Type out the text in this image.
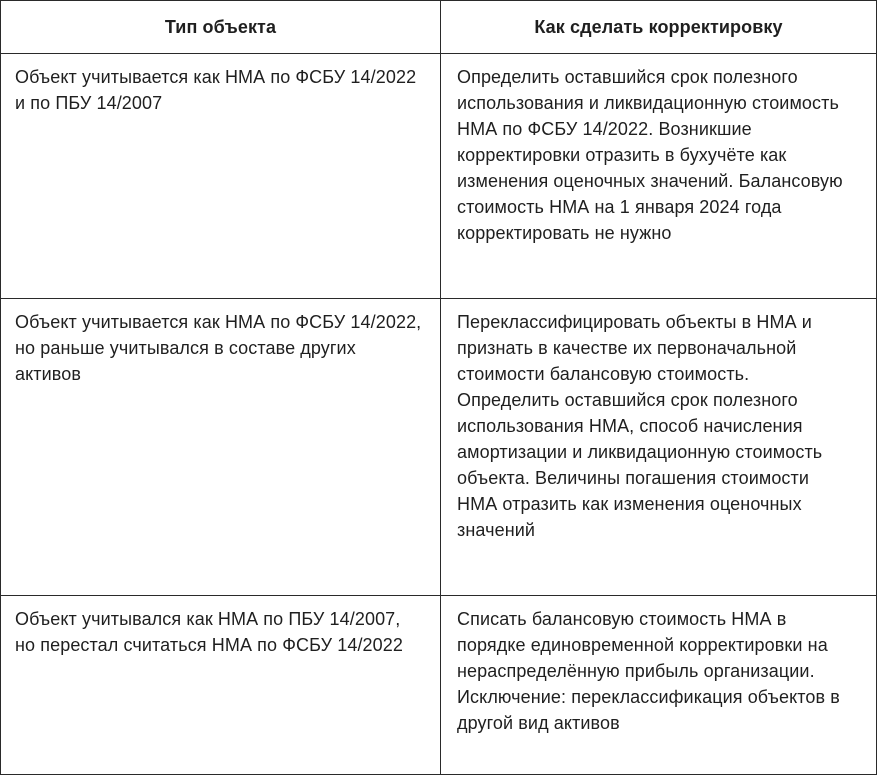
Тип объекта	Как сделать корректировку
Объект учитывается как НМА по ФСБУ 14/2022 и по ПБУ 14/2007	Определить оставшийся срок полезного использования и ликвидационную стоимость НМА по ФСБУ 14/2022. Возникшие корректировки отразить в бухучёте как изменения оценочных значений. Балансовую стоимость НМА на 1 января 2024 года корректировать не нужно
Объект учитывается как НМА по ФСБУ 14/2022, но раньше учитывался в составе других активов	Переклассифицировать объекты в НМА и признать в качестве их первоначальной стоимости балансовую стоимость. Определить оставшийся срок полезного использования НМА, способ начисления амортизации и ликвидационную стоимость объекта. Величины погашения стоимости НМА отразить как изменения оценочных значений
Объект учитывался как НМА по ПБУ 14/2007, но перестал считаться НМА по ФСБУ 14/2022	Списать балансовую стоимость НМА в порядке единовременной корректировки на нераспределённую прибыль организации. Исключение: переклассификация объектов в другой вид активов
